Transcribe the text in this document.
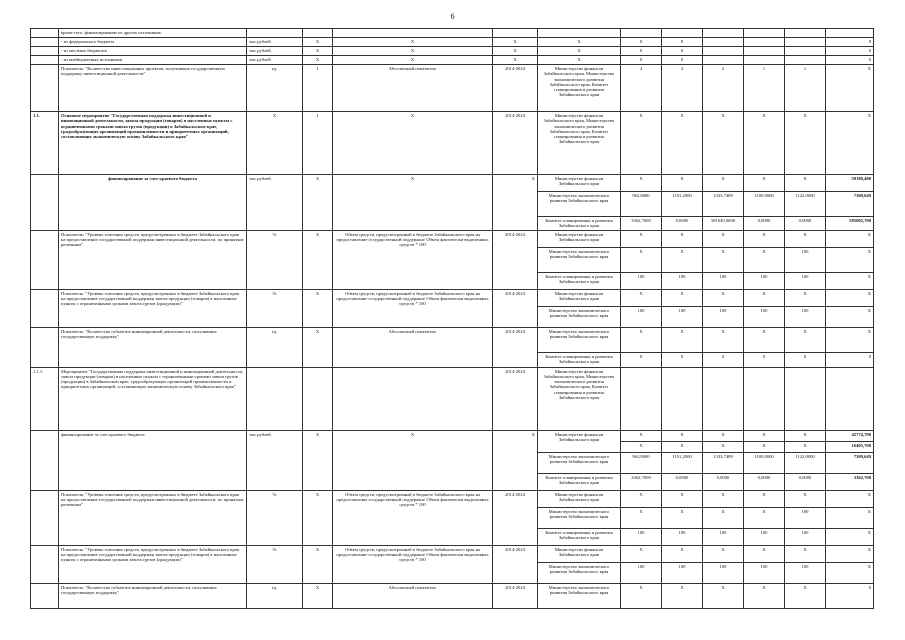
6
	кроме того, финансирование из других источников:											
	- из федерального бюджета	тыс.рублей	X	X	X	X	0	0				0
	- из местных бюджетов	тыс.рублей	X	X	X	X	0	0				0
	- из внебюджетных источников	тыс.рублей	X	X	X	X	0	0				0
	Показатель: "Количество инвестиционных проектов, получивших государственную поддержку инвестиционной деятельности"	ед.	1	Абсолютный показатель	2014-2024	Министерство финансов Забайкальского края, Министерство экономического развития Забайкальского края, Комитет планирования и развития Забайкальского края	4	2	2	1	1	X
1.1.	Основное мероприятие "Государственная поддержка инвестиционной и инновационной деятельности, завоза продукции (товаров) в населенные пункты с ограниченными сроками завоза грузов (продукции) в Забайкальском крае, градообразующих организаций промышленности и приоритетных организаций, составляющих экономическую основу Забайкальского края"	X	1	X	2014-2024	Министерство финансов Забайкальского края, Министерство экономического развития Забайкальского края, Комитет планирования и развития Забайкальского края	X	X	X	X	X	X
	финансирование за счет краевого бюджета	тыс.рублей	X	X	X	Министерство финансов Забайкальского края	X	X	X	X	X	59180,400
						Министерство экономического развития Забайкальского края	962,8000	1191,2000	1333,7489	1100,0000	1122,0000	7309,649
						Комитет планирования и развития Забайкальского края	3362,7000	0,0000	581640,0000	0,0000	0,0000	585002,700
	Показатель: "Уровень освоения средств, предусмотренных в бюджете Забайкальского края на предоставление государственной поддержки инвестиционной деятельности, по принятым решениям"	%	X	Объем средств, предусмотренный в бюджете Забайкальского края на предоставление государственной поддержки/ Объем фактически выделенных средств * 100	2014-2024	Министерство финансов Забайкальского края	X	X	X	X	X	X
						Министерство экономического развития Забайкальского края	X	X	X	X	100	X
						Комитет планирования и развития Забайкальского края	100	100	100	100	100	X
	Показатель: "Уровень освоения средств, предусмотренных в бюджете Забайкальского края на предоставление государственной поддержки завоза продукции (товаров) в населенные пункты с ограниченными сроками завоза грузов (продукции)"	%	X	Объем средств, предусмотренный в бюджете Забайкальского края на предоставление государственной поддержки/ Объем фактически выделенных средств * 100	2014-2024	Министерство финансов Забайкальского края	X	X	X	X	X	X
						Министерство экономического развития Забайкальского края	100	100	100	100	100	X
	Показатель: "Количество субъектов инновационной деятельности, получивших государственную поддержку"	ед.	X	Абсолютный показатель	2014-2024	Министерство экономического развития Забайкальского края	X	X	X	X	X	X
						Комитет планирования и развития Забайкальского края	0	0	0	0	0	0
1.1.1.	Мероприятие "Государственная поддержка инвестиционной и инновационной деятельности, завоза продукции (товаров) в населенные пункты с ограниченными сроками завоза грузов (продукции) в Забайкальском крае, градообразующих организаций промышленности и приоритетных организаций, составляющих экономическую основу Забайкальского края"				2014-2024	Министерство финансов Забайкальского края, Министерство экономического развития Забайкальского края, Комитет планирования и развития Забайкальского края						
	финансирование за счет краевого бюджета	тыс.рублей	X	X	X	Министерство финансов Забайкальского края	X	X	X	X	X	42774,700
							X	X	X	X	X	16405,700
						Министерство экономического развития Забайкальского края	962,8000	1191,2000	1333,7489	1100,0000	1122,0000	7309,649
						Комитет планирования и развития Забайкальского края	3362,7000	0,0000	0,0000	0,0000	0,0000	3362,700
	Показатель: "Уровень освоения средств, предусмотренных в бюджете Забайкальского края на предоставление государственной поддержки инвестиционной деятельности, по принятым решениям"	%	X	Объем средств, предусмотренный в бюджете Забайкальского края на предоставление государственной поддержки/ Объем фактически выделенных средств * 100	2014-2024	Министерство финансов Забайкальского края	X	X	X	X	X	X
						Министерство экономического развития Забайкальского края	X	X	X	X	100	X
						Комитет планирования и развития Забайкальского края	100	100	100	100	100	X
	Показатель: "Уровень освоения средств, предусмотренных в бюджете Забайкальского края на предоставление государственной поддержки завоза продукции (товаров) в населенные пункты с ограниченными сроками завоза грузов (продукции)"	%	X	Объем средств, предусмотренный в бюджете Забайкальского края на предоставление государственной поддержки/ Объем фактически выделенных средств * 100	2014-2024	Министерство финансов Забайкальского края	X	X	X	X	X	X
						Министерство экономического развития Забайкальского края	100	100	100	100	100	X
	Показатель: "Количество субъектов инновационной деятельности, получивших государственную поддержку"	ед.	X	Абсолютный показатель	2014-2024	Министерство экономического развития Забайкальского края	X	X	X	X	X	0
